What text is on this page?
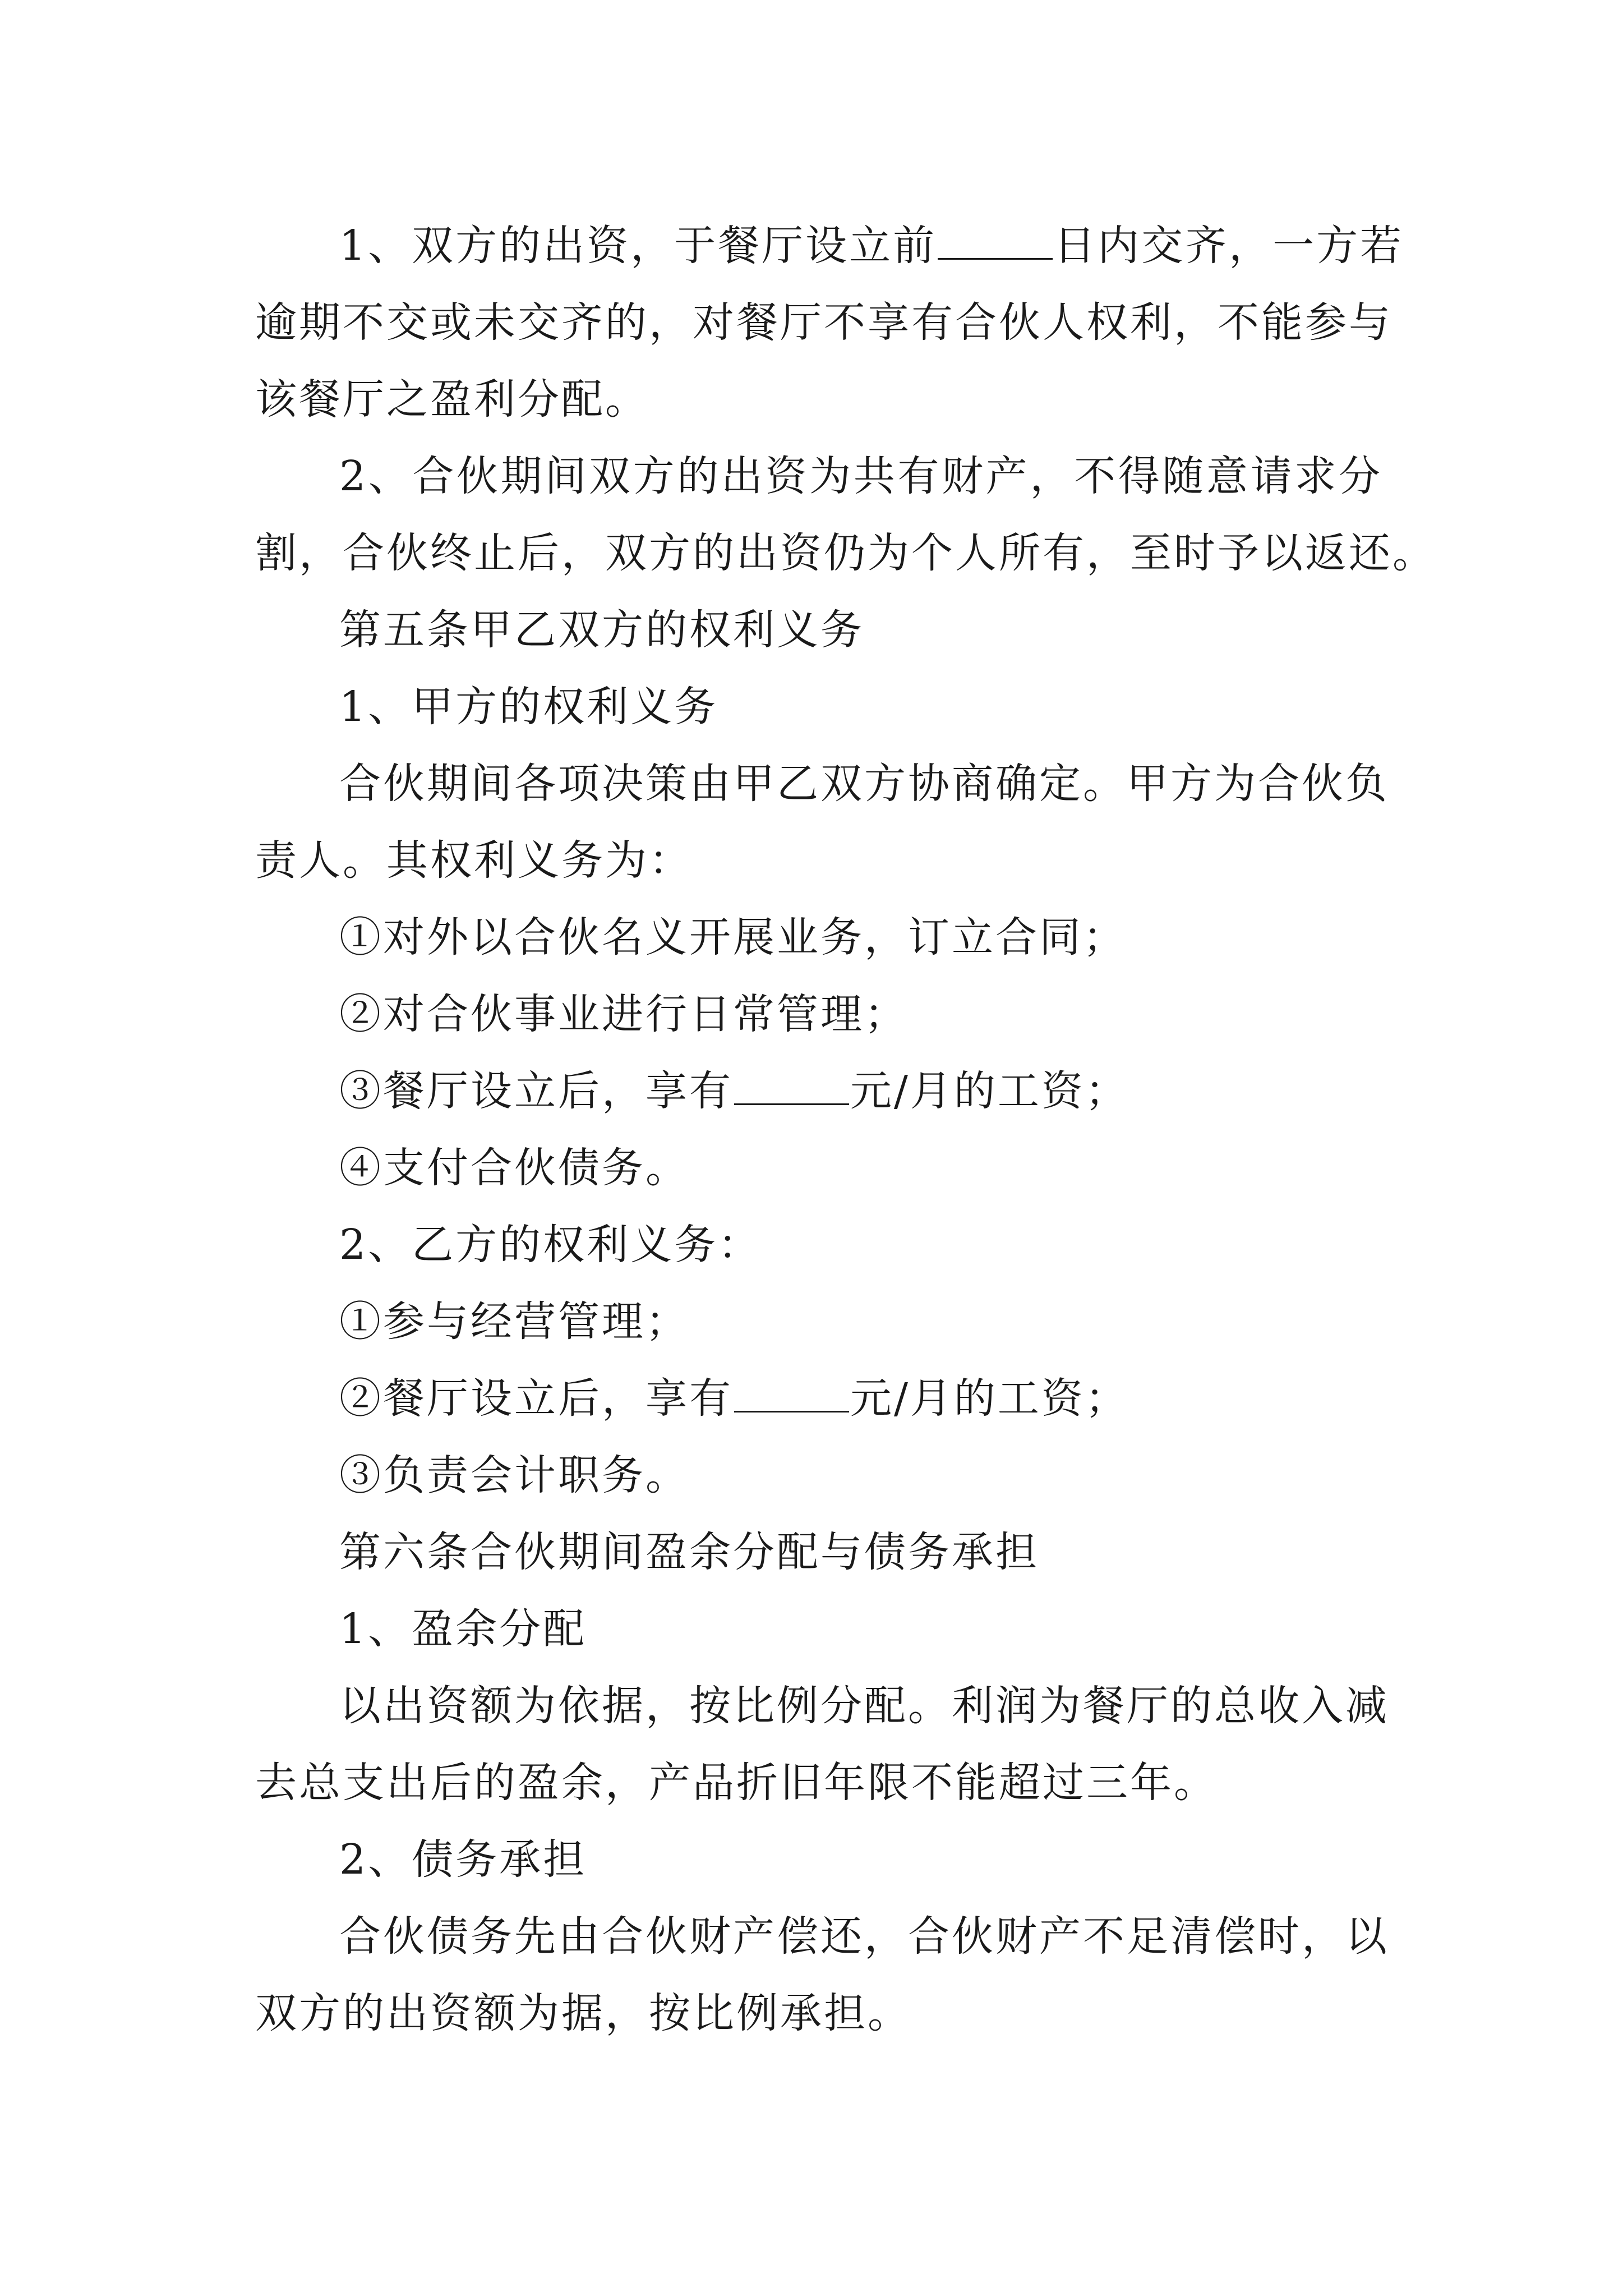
1、双方的出资，于餐厅设立前	日内交齐，一方若
逾期不交或未交齐的，对餐厅不享有合伙人权利，不能参与
该餐厅之盈利分配。
2、合伙期间双方的出资为共有财产，不得随意请求分
割，合伙终止后，双方的出资仍为个人所有，至时予以返还。
第五条甲乙双方的权利义务
1、甲方的权利义务
合伙期间各项决策由甲乙双方协商确定。甲方为合伙负
责人。其权利义务为：
①对外以合伙名义开展业务，订立合同；
②对合伙事业进行日常管理；
③餐厅设立后，享有	元/月的工资；
④支付合伙债务。
2、乙方的权利义务：
①参与经营管理；
②餐厅设立后，享有	元/月的工资；
③负责会计职务。
第六条合伙期间盈余分配与债务承担
1、盈余分配
以出资额为依据，按比例分配。利润为餐厅的总收入减
去总支出后的盈余，产品折旧年限不能超过三年。
2、债务承担
合伙债务先由合伙财产偿还，合伙财产不足清偿时，以
双方的出资额为据，按比例承担。
